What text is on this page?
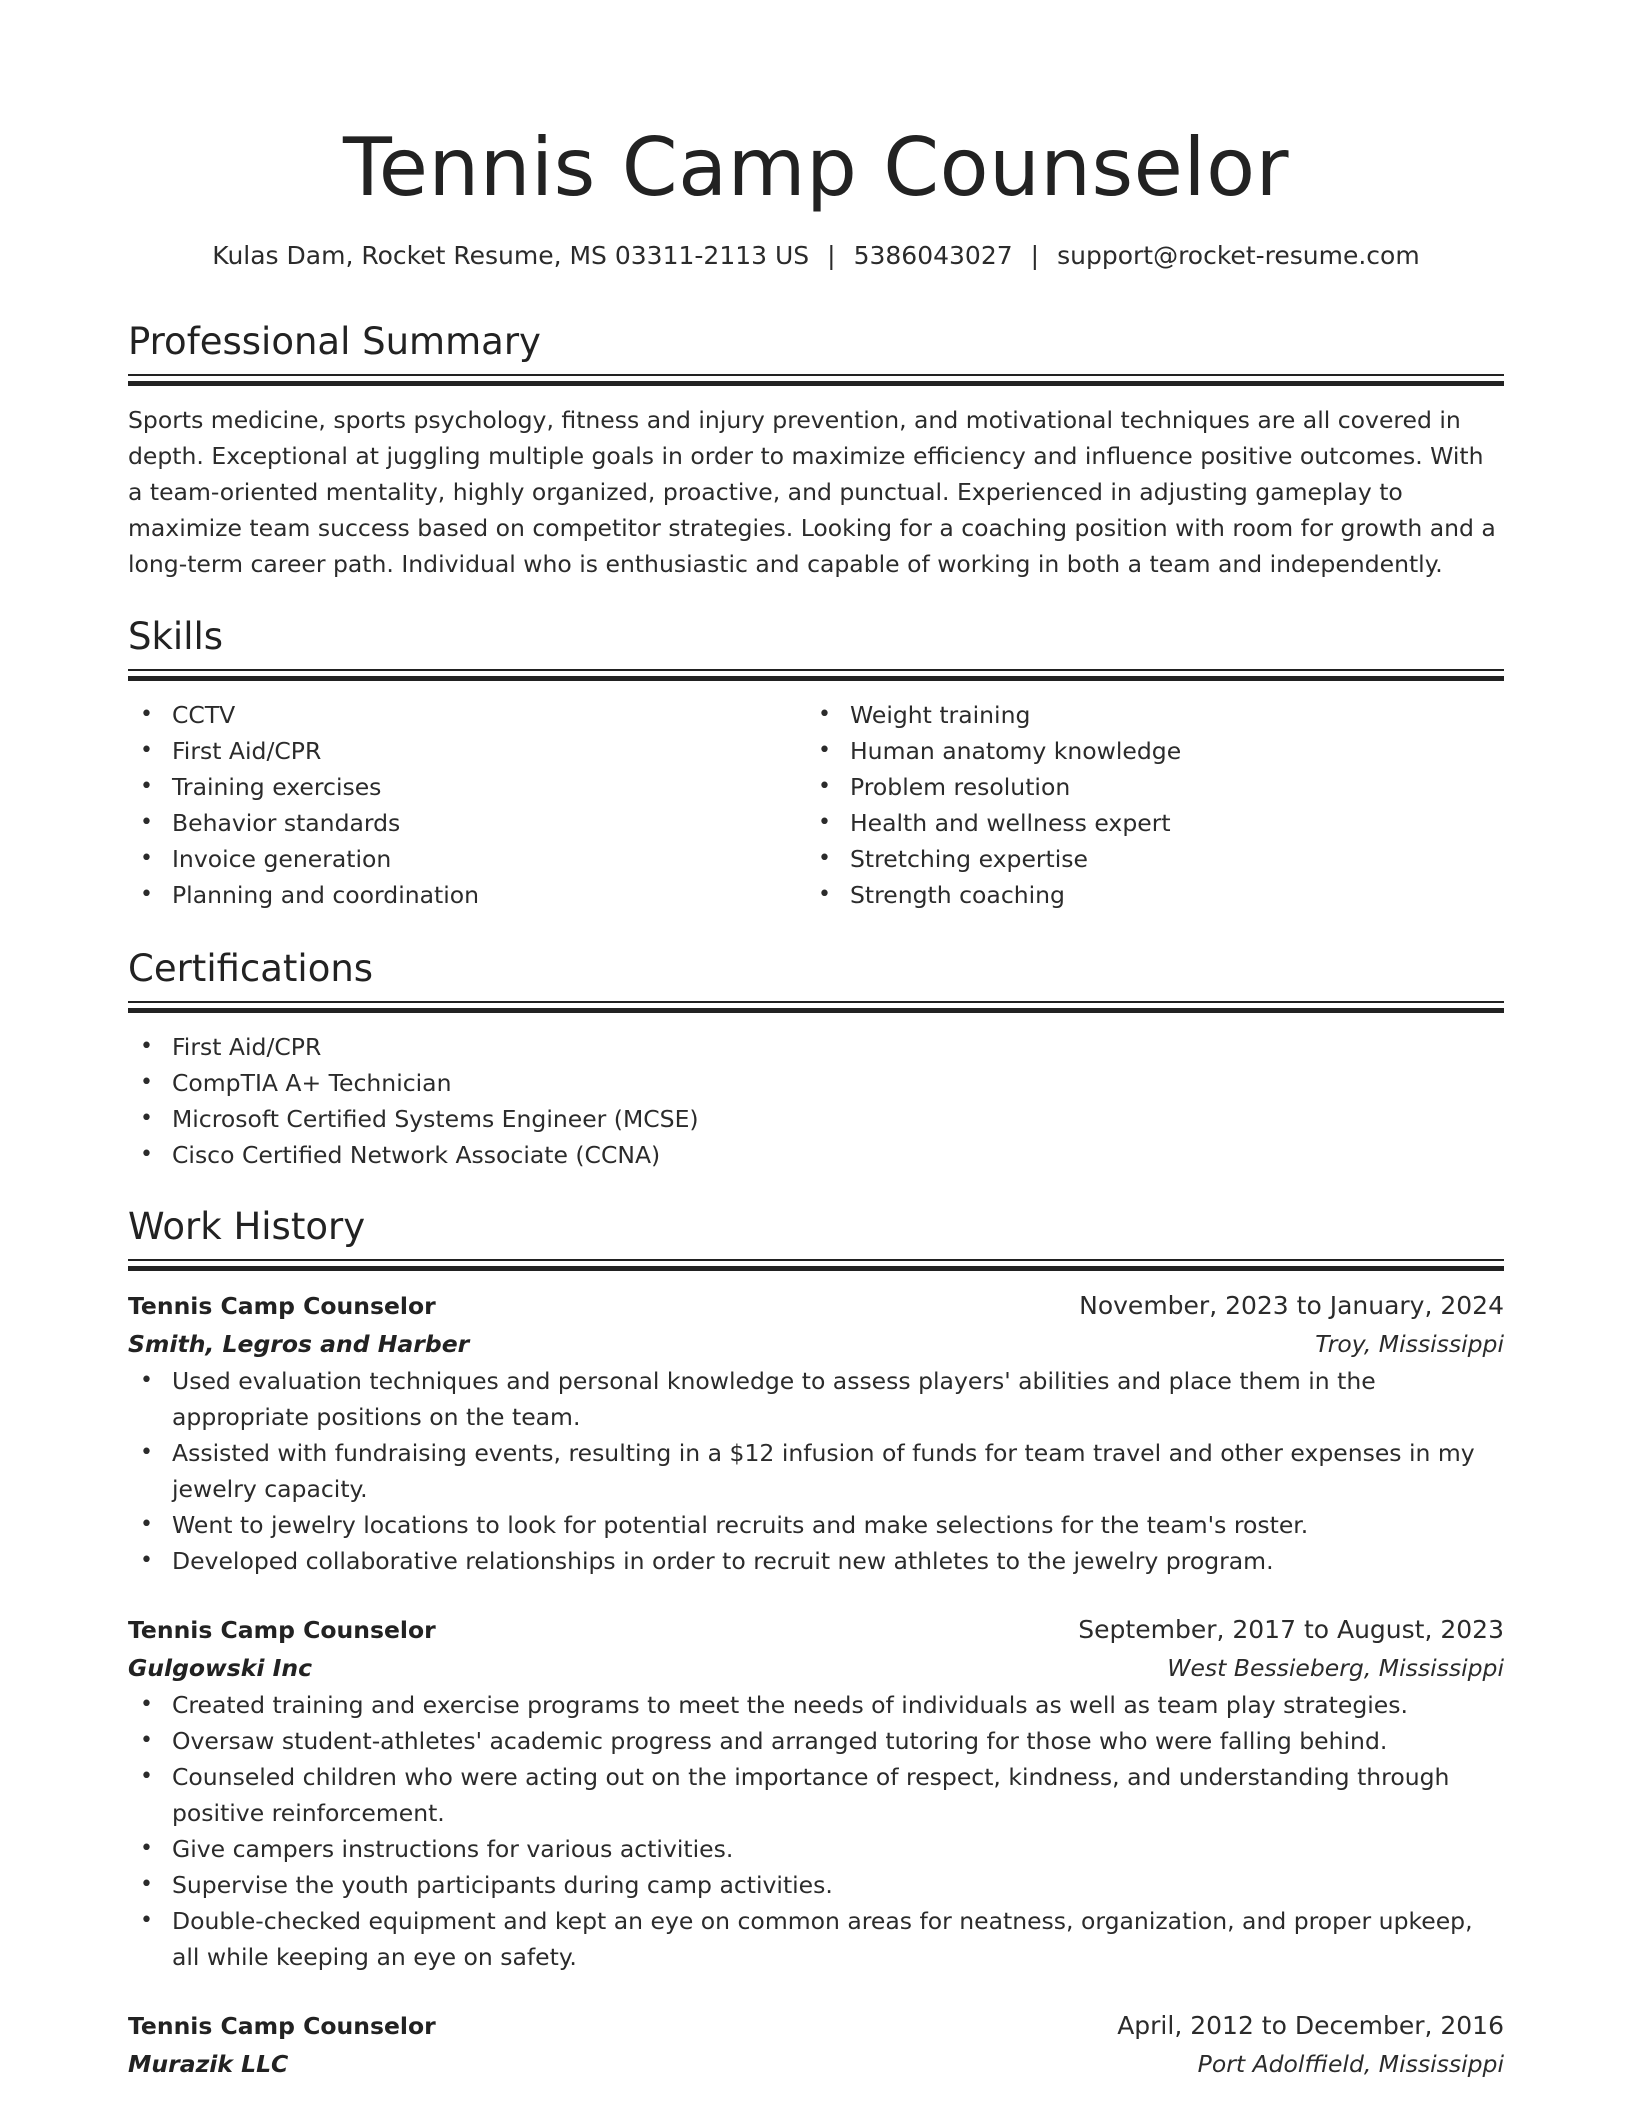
Tennis Camp Counselor
Kulas Dam, Rocket Resume, MS 03311-2113 US | 5386043027 | support@rocket-resume.com
Professional Summary
Sports medicine, sports psychology, fitness and injury prevention, and motivational techniques are all covered in depth. Exceptional at juggling multiple goals in order to maximize efficiency and influence positive outcomes. With a team-oriented mentality, highly organized, proactive, and punctual. Experienced in adjusting gameplay to maximize team success based on competitor strategies. Looking for a coaching position with room for growth and a long-term career path. Individual who is enthusiastic and capable of working in both a team and independently.
Skills
• CCTV
• First Aid/CPR
• Training exercises
• Behavior standards
• Invoice generation
• Planning and coordination
• Weight training
• Human anatomy knowledge
• Problem resolution
• Health and wellness expert
• Stretching expertise
• Strength coaching
Certifications
• First Aid/CPR
• CompTIA A+ Technician
• Microsoft Certified Systems Engineer (MCSE)
• Cisco Certified Network Associate (CCNA)
Work History
Tennis Camp Counselor	November, 2023 to January, 2024
Smith, Legros and Harber	Troy, Mississippi
• Used evaluation techniques and personal knowledge to assess players' abilities and place them in the appropriate positions on the team.
• Assisted with fundraising events, resulting in a $12 infusion of funds for team travel and other expenses in my jewelry capacity.
• Went to jewelry locations to look for potential recruits and make selections for the team's roster.
• Developed collaborative relationships in order to recruit new athletes to the jewelry program.
Tennis Camp Counselor	September, 2017 to August, 2023
Gulgowski Inc	West Bessieberg, Mississippi
• Created training and exercise programs to meet the needs of individuals as well as team play strategies.
• Oversaw student-athletes' academic progress and arranged tutoring for those who were falling behind.
• Counseled children who were acting out on the importance of respect, kindness, and understanding through positive reinforcement.
• Give campers instructions for various activities.
• Supervise the youth participants during camp activities.
• Double-checked equipment and kept an eye on common areas for neatness, organization, and proper upkeep, all while keeping an eye on safety.
Tennis Camp Counselor	April, 2012 to December, 2016
Murazik LLC	Port Adolffield, Mississippi
